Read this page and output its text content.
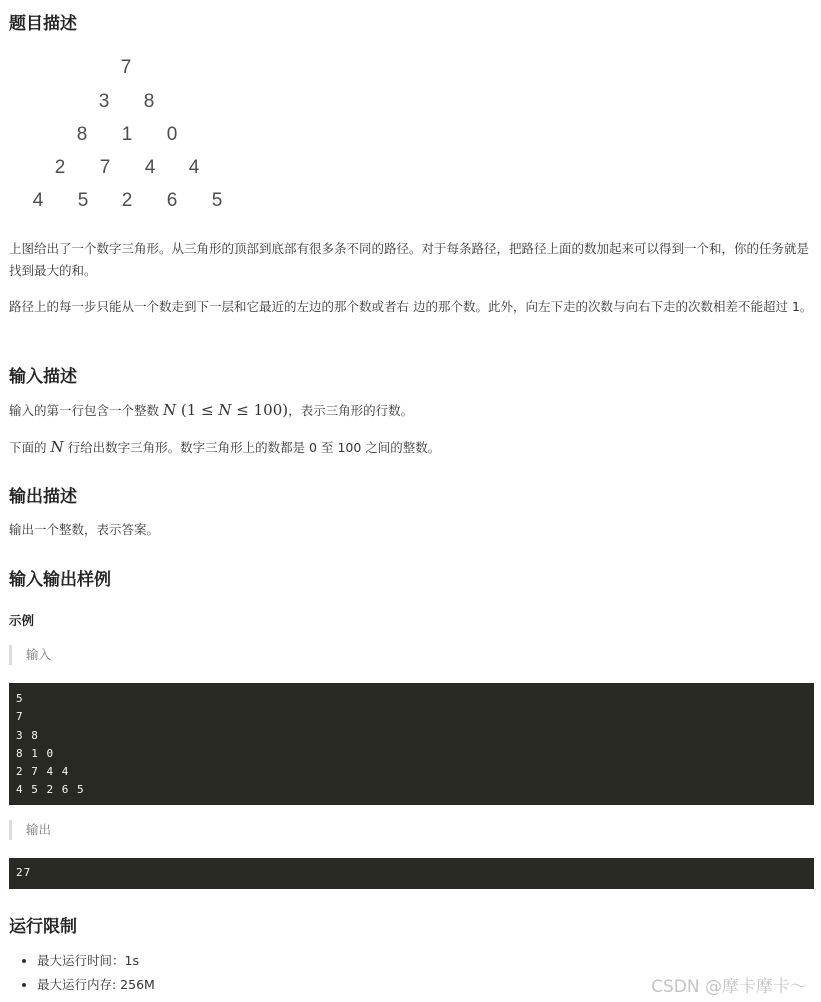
题目描述
7
3 8
8 1 0
2 7 4 4
4 5 2 6 5

上图给出了一个数字三角形。从三角形的顶部到底部有很多条不同的路径。对于每条路径，把路径上面的数加起来可以得到一个和，你的任务就是找到最大的和。

路径上的每一步只能从一个数走到下一层和它最近的左边的那个数或者右 边的那个数。此外，向左下走的次数与向右下走的次数相差不能超过 1。

输入描述

输入的第一行包含一个整数 N (1 ≤ N ≤ 100)，表示三角形的行数。

下面的 N 行给出数字三角形。数字三角形上的数都是 0 至 100 之间的整数。

输出描述

输出一个整数，表示答案。

输入输出样例
示例
输入
5
7
3 8
8 1 0
2 7 4 4
4 5 2 6 5
输出
27
运行限制
• 最大运行时间：1s
• 最大运行内存: 256M	CSDN @摩卡摩卡～
